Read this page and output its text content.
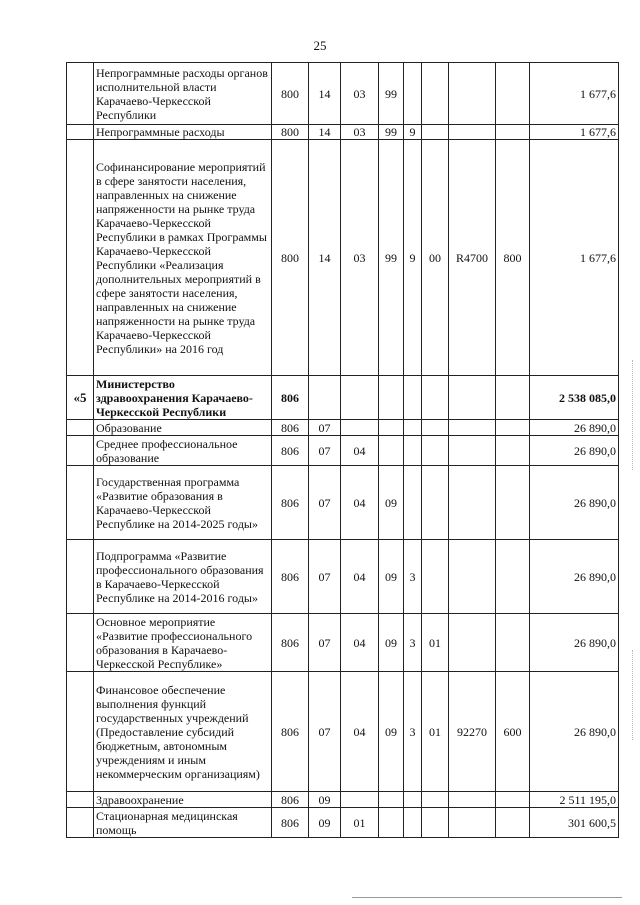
25
	Непрограммные расходы органов исполнительной власти Карачаево-Черкесской Республики	800	14	03	99					1 677,6
	Непрограммные расходы	800	14	03	99	9				1 677,6
	Софинансирование мероприятий в сфере занятости населения, направленных на снижение напряженности на рынке труда Карачаево-Черкесской Республики в рамках Программы Карачаево-Черкесской Республики «Реализация дополнительных мероприятий в сфере занятости населения, направленных на снижение напряженности на рынке труда Карачаево-Черкесской Республики» на 2016 год	800	14	03	99	9	00	R4700	800	1 677,6
«5	Министерство здравоохранения Карачаево-Черкесской Республики	806								2 538 085,0
	Образование	806	07							26 890,0
	Среднее профессиональное образование	806	07	04						26 890,0
	Государственная программа «Развитие образования в Карачаево-Черкесской Республике на 2014-2025 годы»	806	07	04	09					26 890,0
	Подпрограмма «Развитие профессионального образования в Карачаево-Черкесской Республике на 2014-2016 годы»	806	07	04	09	3				26 890,0
	Основное мероприятие «Развитие профессионального образования в Карачаево-Черкесской Республике»	806	07	04	09	3	01			26 890,0
	Финансовое обеспечение выполнения функций государственных учреждений (Предоставление субсидий бюджетным, автономным учреждениям и иным некоммерческим организациям)	806	07	04	09	3	01	92270	600	26 890,0
	Здравоохранение	806	09							2 511 195,0
	Стационарная медицинская помощь	806	09	01						301 600,5
